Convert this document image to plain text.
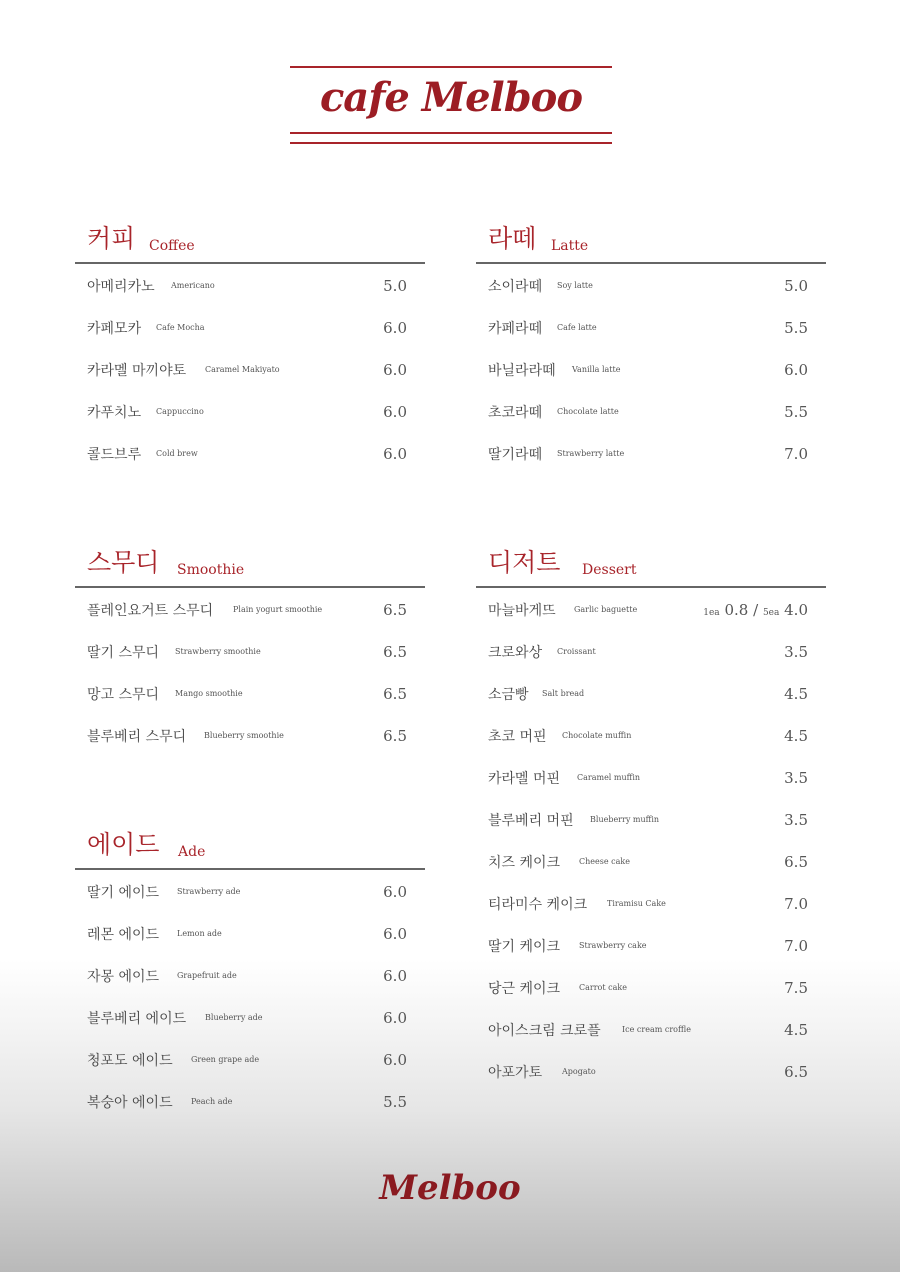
cafe Melboo
커피 Coffee
아메리카노 Americano	5.0
카페모카 Cafe Mocha	6.0
카라멜 마끼야토 Caramel Makiyato	6.0
카푸치노 Cappuccino	6.0
콜드브루 Cold brew	6.0
라떼 Latte
소이라떼 Soy latte	5.0
카페라떼 Cafe latte	5.5
바닐라라떼 Vanilla latte	6.0
초코라떼 Chocolate latte	5.5
딸기라떼 Strawberry latte	7.0
스무디 Smoothie
플레인요거트 스무디 Plain yogurt smoothie	6.5
딸기 스무디 Strawberry smoothie	6.5
망고 스무디 Mango smoothie	6.5
블루베리 스무디 Blueberry smoothie	6.5
에이드 Ade
딸기 에이드 Strawberry ade	6.0
레몬 에이드 Lemon ade	6.0
자몽 에이드 Grapefruit ade	6.0
블루베리 에이드 Blueberry ade	6.0
청포도 에이드 Green grape ade	6.0
복숭아 에이드 Peach ade	5.5
디저트 Dessert
마늘바게뜨 Garlic baguette	1ea 0.8 / 5ea 4.0
크로와상 Croissant	3.5
소금빵 Salt bread	4.5
초코 머핀 Chocolate muffin	4.5
카라멜 머핀 Caramel muffin	3.5
블루베리 머핀 Blueberry muffin	3.5
치즈 케이크 Cheese cake	6.5
티라미수 케이크 Tiramisu Cake	7.0
딸기 케이크 Strawberry cake	7.0
당근 케이크 Carrot cake	7.5
아이스크림 크로플	Ice cream croffle	4.5
아포가토 Apogato	6.5
Melboo
